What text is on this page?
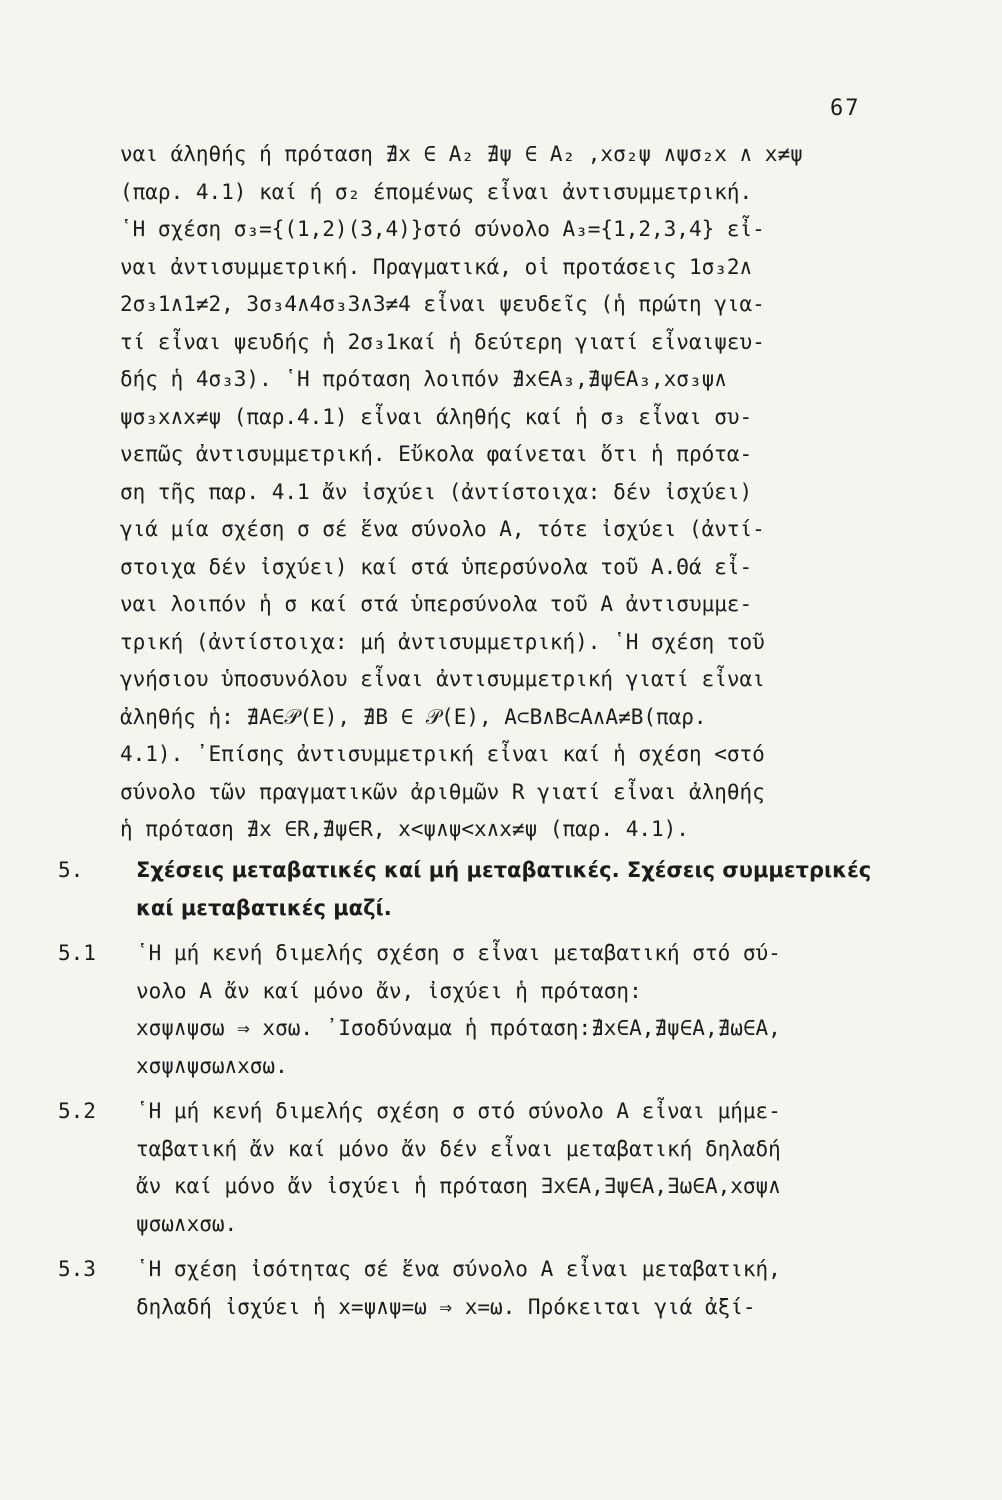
67
ναι άληθής ή πρόταση ∄x ∈ A₂ ∄ψ ∈ A₂ ,xσ₂ψ ∧ψσ₂x ∧ x≠ψ
(παρ. 4.1) καί ή σ₂ έπομένως εἶναι ἀντισυμμετρική.
῾Η σχέση σ₃={(1,2)(3,4)}στό σύνολο A₃={1,2,3,4} εἶ-
ναι ἀντισυμμετρική. Πραγματικά, οἱ προτάσεις 1σ₃2∧
2σ₃1∧1≠2, 3σ₃4∧4σ₃3∧3≠4 εἶναι ψευδεῖς (ἡ πρώτη για-
τί εἶναι ψευδής ἡ 2σ₃1καί ἡ δεύτερη γιατί εἶναιψευ-
δής ἡ 4σ₃3). ῾Η πρόταση λοιπόν ∄x∈A₃,∄ψ∈A₃,xσ₃ψ∧
ψσ₃x∧x≠ψ (παρ.4.1) εἶναι άληθής καί ἡ σ₃ εἶναι συ-
νεπῶς ἀντισυμμετρική. Εὔκολα φαίνεται ὅτι ἡ πρότα-
ση τῆς παρ. 4.1 ἄν ἰσχύει (ἀντίστοιχα: δέν ἰσχύει)
γιά μία σχέση σ σέ ἕνα σύνολο A, τότε ἰσχύει (ἀντί-
στοιχα δέν ἰσχύει) καί στά ὑπερσύνολα τοῦ A.Θά εἶ-
ναι λοιπόν ἡ σ καί στά ὑπερσύνολα τοῦ A ἀντισυμμε-
τρική (ἀντίστοιχα: μή ἀντισυμμετρική). ῾Η σχέση τοῦ
γνήσιου ὑποσυνόλου εἶναι ἀντισυμμετρική γιατί εἶναι
ἀληθής ἡ: ∄A∈𝒫(E), ∄B ∈ 𝒫(E), A⊂B∧B⊂A∧A≠B(παρ.
4.1). ᾽Επίσης ἀντισυμμετρική εἶναι καί ἡ σχέση <στό
σύνολο τῶν πραγματικῶν ἀριθμῶν R γιατί εἶναι ἀληθής
ἡ πρόταση ∄x ∈R,∄ψ∈R, x<ψ∧ψ<x∧x≠ψ (παρ. 4.1).
5.	Σχέσεις μεταβατικές καί μή μεταβατικές. Σχέσεις συμμετρικές
καί μεταβατικές μαζί.
5.1	῾Η μή κενή διμελής σχέση σ εἶναι μεταβατική στό σύ-
νολο A ἄν καί μόνο ἄν, ἰσχύει ἡ πρόταση:
xσψ∧ψσω ⇒ xσω. ᾽Ισοδύναμα ἡ πρόταση:∄x∈A,∄ψ∈A,∄ω∈A,
xσψ∧ψσω∧xσω.
5.2	῾Η μή κενή διμελής σχέση σ στό σύνολο A εἶναι μήμε-
ταβατική ἄν καί μόνο ἄν δέν εἶναι μεταβατική δηλαδή
ἄν καί μόνο ἄν ἰσχύει ἡ πρόταση ∃x∈A,∃ψ∈A,∃ω∈A,xσψ∧
ψσω∧xσω.
5.3	῾Η σχέση ἰσότητας σέ ἕνα σύνολο A εἶναι μεταβατική,
δηλαδή ἰσχύει ἡ x=ψ∧ψ=ω ⇒ x=ω. Πρόκειται γιά ἀξί-
